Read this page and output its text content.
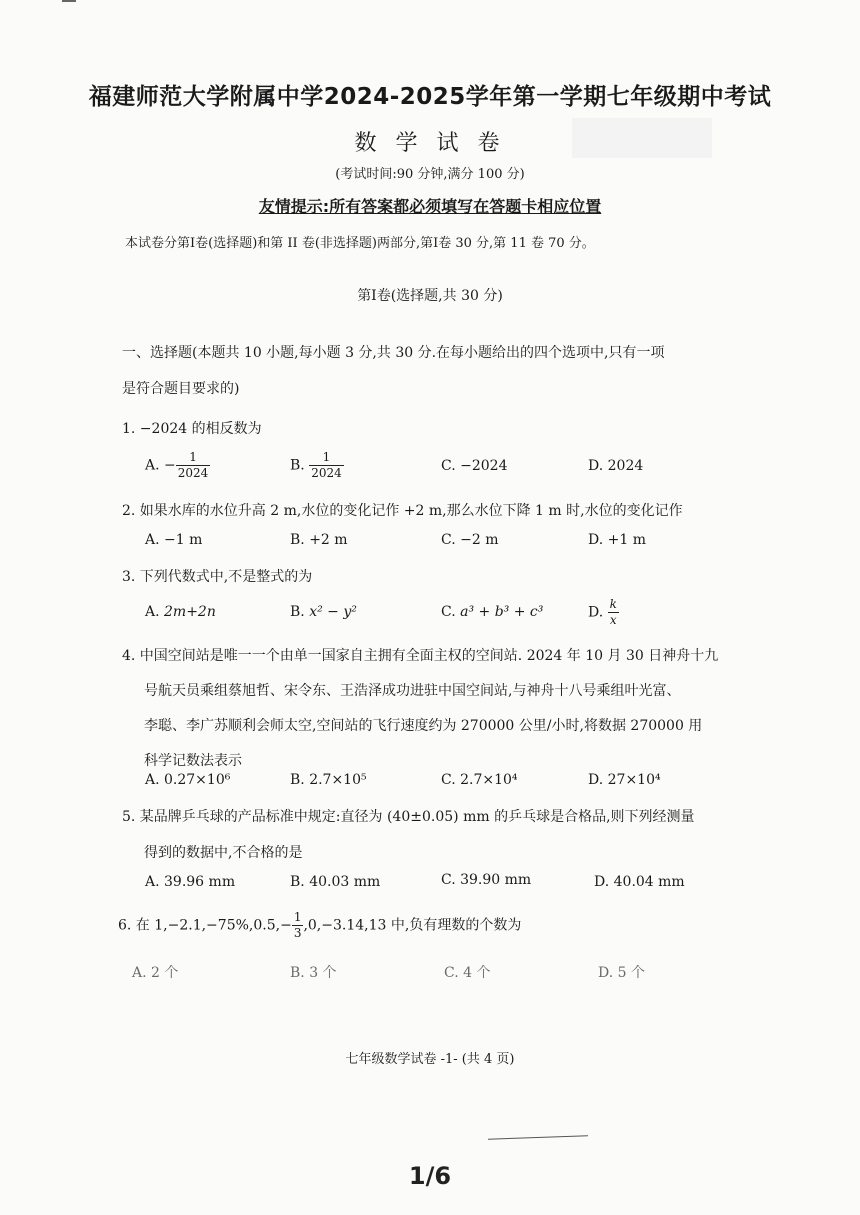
福建师范大学附属中学2024-2025学年第一学期七年级期中考试
数 学 试 卷
(考试时间:90 分钟,满分 100 分)
友情提示:所有答案都必须填写在答题卡相应位置
本试卷分第Ⅰ卷(选择题)和第 II 卷(非选择题)两部分,第Ⅰ卷 30 分,第 11 卷 70 分。
第Ⅰ卷(选择题,共 30 分)
一、选择题(本题共 10 小题,每小题 3 分,共 30 分.在每小题给出的四个选项中,只有一项
是符合题目要求的)
1. −2024 的相反数为
A. − $\frac{1}{2024}$	B. $\frac{1}{2024}$	C. −2024	D. 2024
2. 如果水库的水位升高 2 m,水位的变化记作 +2 m,那么水位下降 1 m 时,水位的变化记作
A. −1 m	B. +2 m	C. −2 m	D. +1 m
3. 下列代数式中,不是整式的为
A. 2m+2n	B. x² − y²	C. a³ + b³ + c³	D. $\frac{k}{x}$
4. 中国空间站是唯一一个由单一国家自主拥有全面主权的空间站. 2024 年 10 月 30 日神舟十九
号航天员乘组蔡旭哲、宋令东、王浩泽成功进驻中国空间站,与神舟十八号乘组叶光富、
李聪、李广苏顺利会师太空,空间站的飞行速度约为 270000 公里/小时,将数据 270000 用
科学记数法表示
A. 0.27×10⁶	B. 2.7×10⁵	C. 2.7×10⁴	D. 27×10⁴
5. 某品牌乒乓球的产品标准中规定:直径为 (40±0.05) mm 的乒乓球是合格品,则下列经测量
得到的数据中,不合格的是
A. 39.96 mm	B. 40.03 mm	C. 39.90 mm	D. 40.04 mm
6. 在 $1,-2.1,-75\%,0.5,- \frac{1}{3} ,0,-3.14,13$ 中,负有理数的个数为
A. 2 个	B. 3 个	C. 4 个	D. 5 个
七年级数学试卷 -1- (共 4 页)
1/6
